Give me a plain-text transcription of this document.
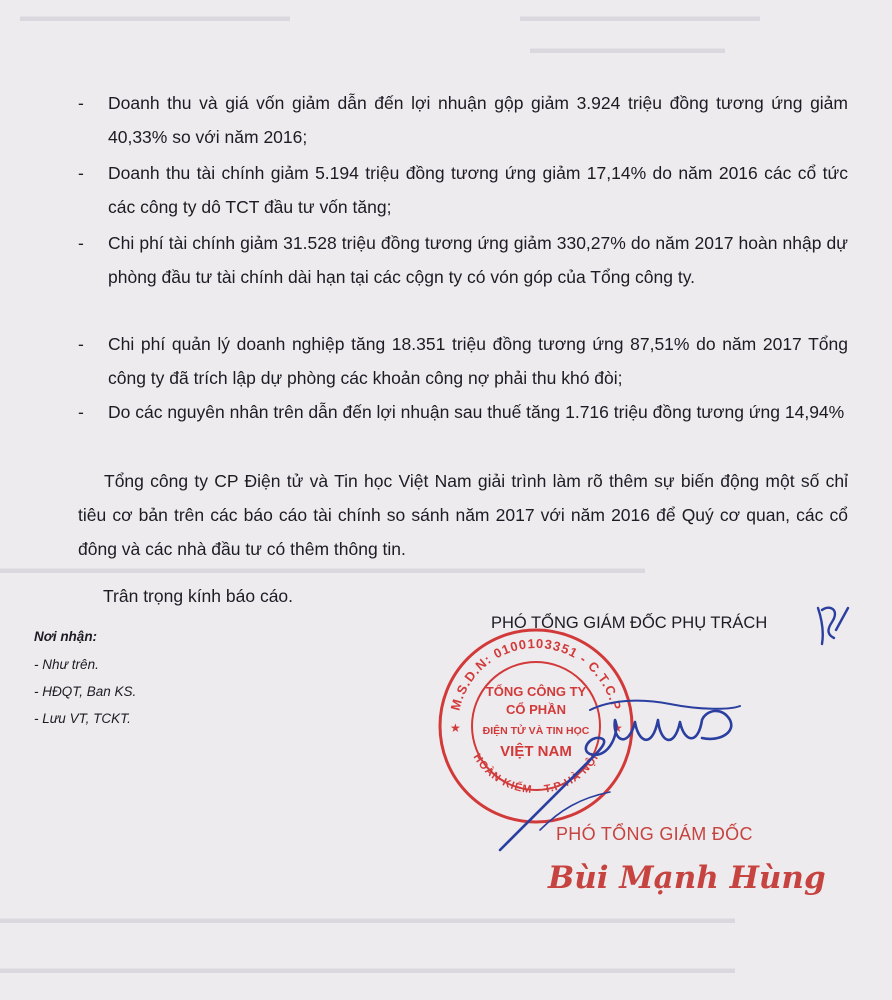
▬▬▬▬▬▬▬▬▬▬▬▬▬▬▬▬
▬▬▬▬▬▬▬▬▬▬▬▬▬▬▬▬▬▬
▬▬▬▬▬▬▬▬▬▬▬▬▬
▬▬▬▬▬▬▬▬▬▬▬▬▬▬▬▬▬▬▬▬▬▬▬▬▬▬▬▬▬▬▬▬▬▬▬▬▬▬▬▬▬▬▬
▬▬▬▬▬▬▬▬▬▬▬▬▬▬▬▬▬▬▬▬▬▬▬▬▬▬▬▬▬▬▬▬▬▬▬▬▬▬▬▬▬▬▬▬▬▬▬▬▬
▬▬▬▬▬▬▬▬▬▬▬▬▬▬▬▬▬▬▬▬▬▬▬▬▬▬▬▬▬▬▬▬▬▬▬▬▬▬▬▬▬▬▬▬▬▬▬▬▬
- Doanh thu và giá vốn giảm dẫn đến lợi nhuận gộp giảm 3.924 triệu đồng tương ứng giảm 40,33% so với năm 2016;
- Doanh thu tài chính giảm 5.194 triệu đồng tương ứng giảm 17,14% do năm 2016 các cổ tức các công ty dô TCT đầu tư vốn tăng;
- Chi phí tài chính giảm 31.528 triệu đồng tương ứng giảm 330,27% do năm 2017 hoàn nhập dự phòng đầu tư tài chính dài hạn tại các cộgn ty có vón góp của Tổng công ty.
- Chi phí quản lý doanh nghiệp tăng 18.351 triệu đồng tương ứng 87,51% do năm 2017 Tổng công ty đã trích lập dự phòng các khoản công nợ phải thu khó đòi;
- Do các nguyên nhân trên dẫn đến lợi nhuận sau thuế tăng 1.716 triệu đồng tương ứng 14,94%
Tổng công ty CP Điện tử và Tin học Việt Nam giải trình làm rõ thêm sự biến động một số chỉ tiêu cơ bản trên các báo cáo tài chính so sánh năm 2017 với năm 2016 để Quý cơ quan, các cổ đông và các nhà đầu tư có thêm thông tin.
Trân trọng kính báo cáo.
Nơi nhận:
- Như trên.
- HĐQT, Ban KS.
- Lưu VT, TCKT.
PHÓ TỔNG GIÁM ĐỐC PHỤ TRÁCH
M.S.D.N: 0100103351 - C.T.C.P
HOÀN KIẾM - T.P HÀ NỘI
★	★
TỔNG CÔNG TY
CỔ PHẦN
ĐIỆN TỬ VÀ TIN HỌC
VIỆT NAM
PHÓ TỔNG GIÁM ĐỐC
Bùi Mạnh Hùng
